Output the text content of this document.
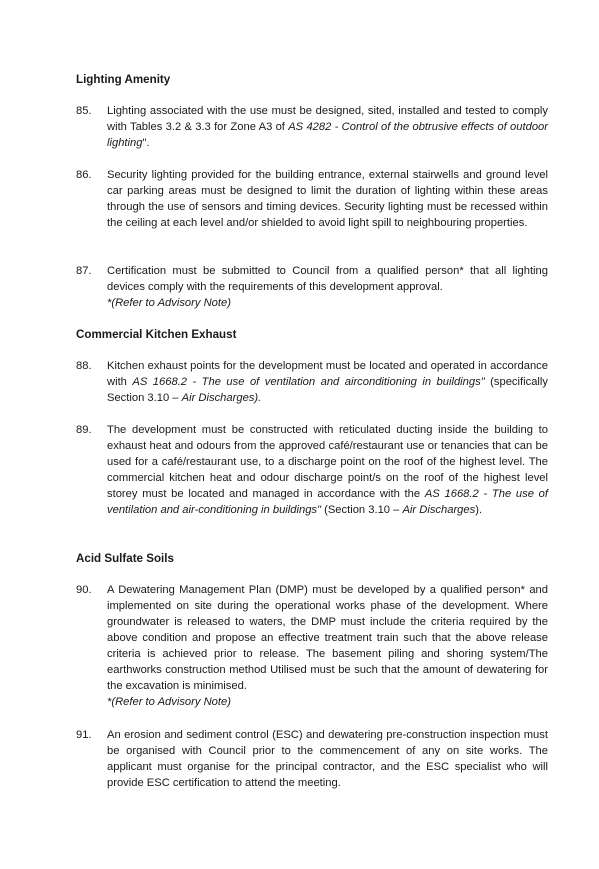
Lighting Amenity
85.	Lighting associated with the use must be designed, sited, installed and tested to comply with Tables 3.2 & 3.3 for Zone A3 of AS 4282 - Control of the obtrusive effects of outdoor lighting".
86.	Security lighting provided for the building entrance, external stairwells and ground level car parking areas must be designed to limit the duration of lighting within these areas through the use of sensors and timing devices. Security lighting must be recessed within the ceiling at each level and/or shielded to avoid light spill to neighbouring properties.
87.	Certification must be submitted to Council from a qualified person* that all lighting devices comply with the requirements of this development approval.
*(Refer to Advisory Note)
Commercial Kitchen Exhaust
88.	Kitchen exhaust points for the development must be located and operated in accordance with AS 1668.2 - The use of ventilation and airconditioning in buildings" (specifically Section 3.10 – Air Discharges).
89.	The development must be constructed with reticulated ducting inside the building to exhaust heat and odours from the approved café/restaurant use or tenancies that can be used for a café/restaurant use, to a discharge point on the roof of the highest level. The commercial kitchen heat and odour discharge point/s on the roof of the highest level storey must be located and managed in accordance with the AS 1668.2 - The use of ventilation and air-conditioning in buildings" (Section 3.10 – Air Discharges).
Acid Sulfate Soils
90.	A Dewatering Management Plan (DMP) must be developed by a qualified person* and implemented on site during the operational works phase of the development. Where groundwater is released to waters, the DMP must include the criteria required by the above condition and propose an effective treatment train such that the above release criteria is achieved prior to release. The basement piling and shoring system/The earthworks construction method Utilised must be such that the amount of dewatering for the excavation is minimised.
*(Refer to Advisory Note)
91.	An erosion and sediment control (ESC) and dewatering pre-construction inspection must be organised with Council prior to the commencement of any on site works. The applicant must organise for the principal contractor, and the ESC specialist who will provide ESC certification to attend the meeting.
